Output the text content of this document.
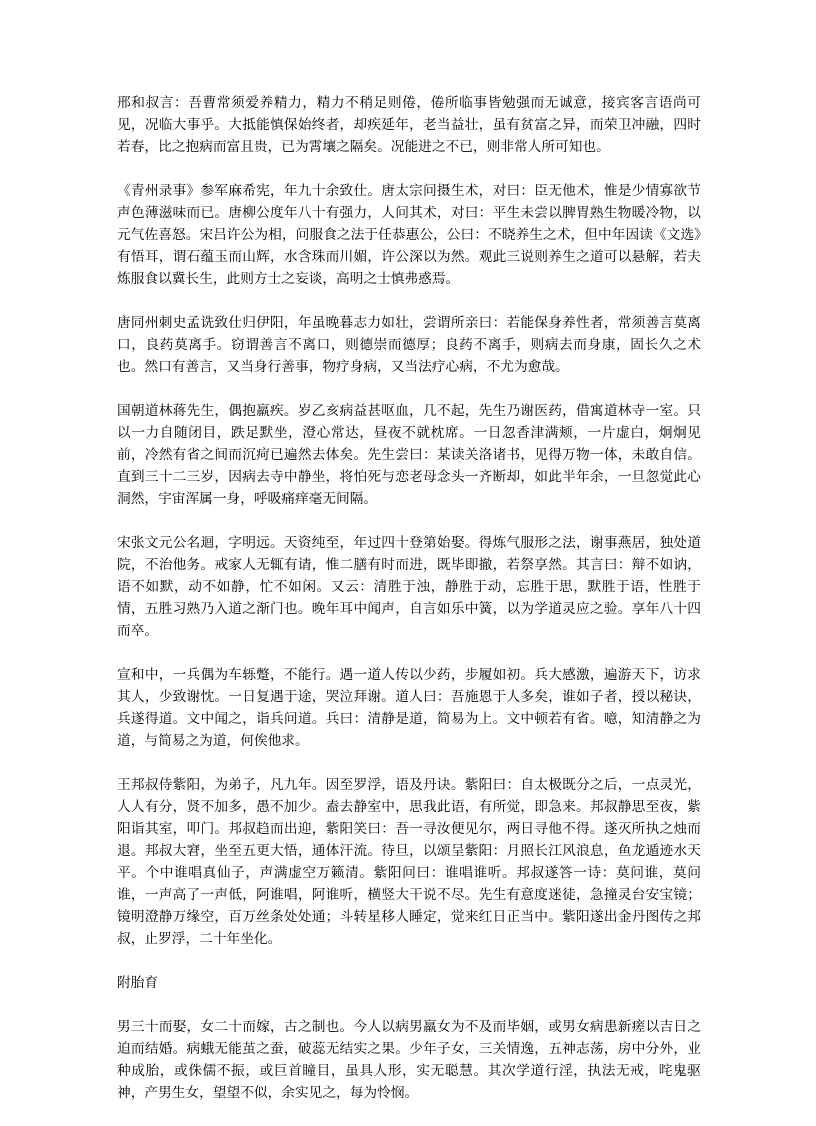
邢和叔言：吾曹常须爱养精力，精力不稍足则倦，倦所临事皆勉强而无诚意，接宾客言语尚可见，况临大事乎。大抵能慎保始终者，却疾延年，老当益壮，虽有贫富之异，而荣卫冲融，四时若春，比之抱病而富且贵，已为霄壤之隔矣。况能进之不已，则非常人所可知也。

《青州录事》参军麻希宪，年九十余致仕。唐太宗问摄生术，对曰：臣无他术，惟是少情寡欲节声色薄滋味而已。唐柳公度年八十有强力，人问其术，对曰：平生未尝以脾胃熟生物暖冷物，以元气佐喜怒。宋吕许公为相，问服食之法于任恭惠公，公曰：不晓养生之术，但中年因读《文选》有悟耳，谓石蕴玉而山辉，水含珠而川媚，许公深以为然。观此三说则养生之道可以悬解，若夫炼服食以冀长生，此则方士之妄谈，高明之士慎弗惑焉。

唐同州刺史孟诜致仕归伊阳，年虽晚暮志力如壮，尝谓所亲曰：若能保身养性者，常须善言莫离口，良药莫离手。窃谓善言不离口，则德崇而德厚；良药不离手，则病去而身康，固长久之术也。然口有善言，又当身行善事，物疗身病，又当法疗心病，不尤为愈哉。

国朝道林蒋先生，偶抱羸疾。岁乙亥病益甚呕血，几不起，先生乃谢医药，借寓道林寺一室。只以一力自随闭目，跌足默坐，澄心常达，昼夜不就枕席。一日忽香津满颊，一片虚白，炯炯见前，冷然有省之间而沉疴已遍然去体矣。先生尝曰：某读关洛诸书，见得万物一体，未敢自信。直到三十二三岁，因病去寺中静坐，将怕死与恋老母念头一齐断却，如此半年余，一旦忽觉此心洞然，宇宙浑属一身，呼吸痛痒毫无间隔。

宋张文元公名迴，字明远。天资纯至，年过四十登第始娶。得炼气服形之法，谢事燕居，独处道院，不治他务。戒家人无辄有请，惟二膳有时而进，既毕即撤，若祭享然。其言曰：辩不如讷，语不如默，动不如静，忙不如闲。又云：清胜于浊，静胜于动，忘胜于思，默胜于语，性胜于情，五胜习熟乃入道之渐门也。晚年耳中闻声，自言如乐中簧，以为学道灵应之验。享年八十四而卒。

宣和中，一兵偶为车轹蹩，不能行。遇一道人传以少药，步履如初。兵大感激，遍游天下，访求其人，少致谢忱。一日复遇于途，哭泣拜谢。道人曰：吾施恩于人多矣，谁如子者，授以秘诀，兵遂得道。文中闻之，诣兵问道。兵曰：清静是道，简易为上。文中顿若有省。噫，知清静之为道，与简易之为道，何俟他求。

王邦叔侍紫阳，为弟子，凡九年。因至罗浮，语及丹诀。紫阳曰：自太极既分之后，一点灵光，人人有分，贤不加多，愚不加少。盍去静室中，思我此语，有所觉，即急来。邦叔静思至夜，紫阳诣其室，叩门。邦叔趋而出迎，紫阳笑曰：吾一寻汝便见尔，两日寻他不得。遂灭所执之烛而退。邦叔大窘，坐至五更大悟，通体汗流。待旦，以颂呈紫阳：月照长江风浪息，鱼龙遁迹水天平。个中谁唱真仙子，声满虚空万籁清。紫阳问曰：谁唱谁听。邦叔遂答一诗：莫问谁，莫问谁，一声高了一声低，阿谁唱，阿谁听，横竖大干说不尽。先生有意度迷徒，急撞灵台安宝镜；镜明澄静万缘空，百万丝条处处通；斗转星移人睡定，觉来红日正当中。紫阳遂出金丹图传之邦叔，止罗浮，二十年坐化。

附胎育

男三十而娶，女二十而嫁，古之制也。今人以病男羸女为不及而毕姻，或男女病患新瘥以吉日之迫而结婚。病蛾无能茧之蚕，破蕊无结实之果。少年子女，三关情逸，五神志荡，房中分外，业种成胎，或侏儒不振，或巨首瞳目，虽具人形，实无聪慧。其次学道行淫，执法无戒，咤鬼驱神，产男生女，望望不似，余实见之，每为怜悯。
